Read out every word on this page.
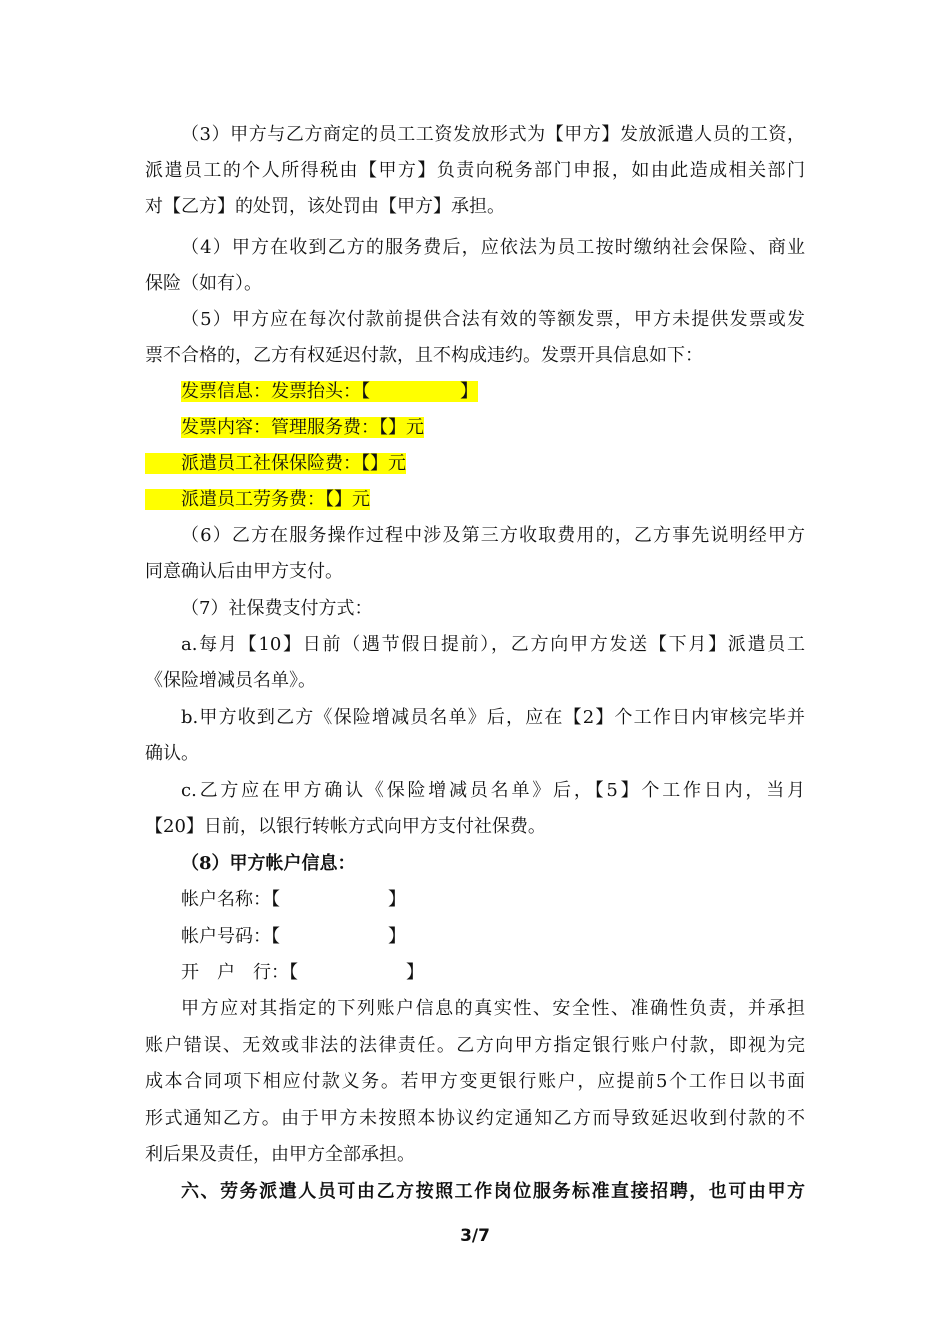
（3）甲方与乙方商定的员工工资发放形式为【甲方】发放派遣人员的工资，
派遣员工的个人所得税由【甲方】负责向税务部门申报，如由此造成相关部门
对【乙方】的处罚，该处罚由【甲方】承担。
（4）甲方在收到乙方的服务费后，应依法为员工按时缴纳社会保险、商业
保险（如有）。
（5）甲方应在每次付款前提供合法有效的等额发票，甲方未提供发票或发
票不合格的，乙方有权延迟付款，且不构成违约。发票开具信息如下：
发票信息：发票抬头：【　　　　　】
发票内容：管理服务费：【】元
派遣员工社保保险费：【】元
派遣员工劳务费：【】元
（6）乙方在服务操作过程中涉及第三方收取费用的，乙方事先说明经甲方
同意确认后由甲方支付。
（7）社保费支付方式：
a.每月【10】日前（遇节假日提前），乙方向甲方发送【下月】派遣员工
《保险增减员名单》。
b.甲方收到乙方《保险增减员名单》后，应在【2】个工作日内审核完毕并
确认。
c.乙方应在甲方确认《保险增减员名单》后，【5】个工作日内，当月
【20】日前，以银行转帐方式向甲方支付社保费。
（8）甲方帐户信息：
帐户名称：【　　　　　　】
帐户号码：【　　　　　　】
开　户　行：【　　　　　　】
甲方应对其指定的下列账户信息的真实性、安全性、准确性负责，并承担
账户错误、无效或非法的法律责任。乙方向甲方指定银行账户付款，即视为完
成本合同项下相应付款义务。若甲方变更银行账户，应提前5个工作日以书面
形式通知乙方。由于甲方未按照本协议约定通知乙方而导致延迟收到付款的不
利后果及责任，由甲方全部承担。
六、劳务派遣人员可由乙方按照工作岗位服务标准直接招聘，也可由甲方
3/7
